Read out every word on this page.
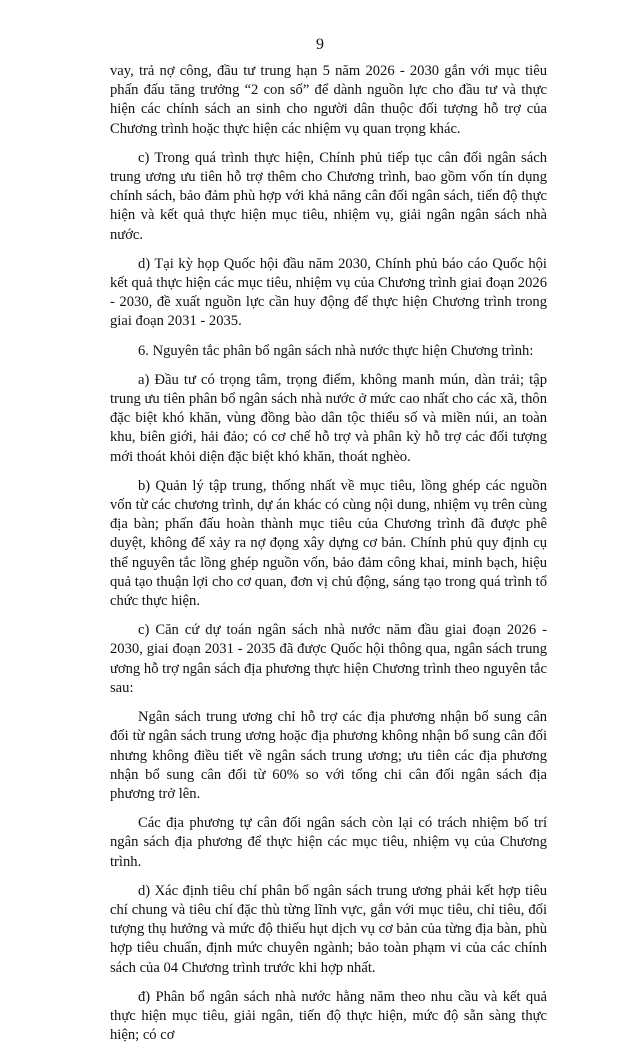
9

vay, trả nợ công, đầu tư trung hạn 5 năm 2026 - 2030 gắn với mục tiêu phấn đấu tăng trưởng “2 con số” để dành nguồn lực cho đầu tư và thực hiện các chính sách an sinh cho người dân thuộc đối tượng hỗ trợ của Chương trình hoặc thực hiện các nhiệm vụ quan trọng khác.

c) Trong quá trình thực hiện, Chính phủ tiếp tục cân đối ngân sách trung ương ưu tiên hỗ trợ thêm cho Chương trình, bao gồm vốn tín dụng chính sách, bảo đảm phù hợp với khả năng cân đối ngân sách, tiến độ thực hiện và kết quả thực hiện mục tiêu, nhiệm vụ, giải ngân ngân sách nhà nước.

d) Tại kỳ họp Quốc hội đầu năm 2030, Chính phủ báo cáo Quốc hội kết quả thực hiện các mục tiêu, nhiệm vụ của Chương trình giai đoạn 2026 - 2030, đề xuất nguồn lực cần huy động để thực hiện Chương trình trong giai đoạn 2031 - 2035.

6. Nguyên tắc phân bổ ngân sách nhà nước thực hiện Chương trình:

a) Đầu tư có trọng tâm, trọng điểm, không manh mún, dàn trải; tập trung ưu tiên phân bổ ngân sách nhà nước ở mức cao nhất cho các xã, thôn đặc biệt khó khăn, vùng đồng bào dân tộc thiểu số và miền núi, an toàn khu, biên giới, hải đảo; có cơ chế hỗ trợ và phân kỳ hỗ trợ các đối tượng mới thoát khỏi diện đặc biệt khó khăn, thoát nghèo.

b) Quản lý tập trung, thống nhất về mục tiêu, lồng ghép các nguồn vốn từ các chương trình, dự án khác có cùng nội dung, nhiệm vụ trên cùng địa bàn; phấn đấu hoàn thành mục tiêu của Chương trình đã được phê duyệt, không để xảy ra nợ đọng xây dựng cơ bản. Chính phủ quy định cụ thể nguyên tắc lồng ghép nguồn vốn, bảo đảm công khai, minh bạch, hiệu quả tạo thuận lợi cho cơ quan, đơn vị chủ động, sáng tạo trong quá trình tổ chức thực hiện.

c) Căn cứ dự toán ngân sách nhà nước năm đầu giai đoạn 2026 - 2030, giai đoạn 2031 - 2035 đã được Quốc hội thông qua, ngân sách trung ương hỗ trợ ngân sách địa phương thực hiện Chương trình theo nguyên tắc sau:

Ngân sách trung ương chỉ hỗ trợ các địa phương nhận bổ sung cân đối từ ngân sách trung ương hoặc địa phương không nhận bổ sung cân đối nhưng không điều tiết về ngân sách trung ương; ưu tiên các địa phương nhận bổ sung cân đối từ 60% so với tổng chi cân đối ngân sách địa phương trở lên.

Các địa phương tự cân đối ngân sách còn lại có trách nhiệm bố trí ngân sách địa phương để thực hiện các mục tiêu, nhiệm vụ của Chương trình.

d) Xác định tiêu chí phân bổ ngân sách trung ương phải kết hợp tiêu chí chung và tiêu chí đặc thù từng lĩnh vực, gắn với mục tiêu, chỉ tiêu, đối tượng thụ hưởng và mức độ thiếu hụt dịch vụ cơ bản của từng địa bàn, phù hợp tiêu chuẩn, định mức chuyên ngành; bảo toàn phạm vi của các chính sách của 04 Chương trình trước khi hợp nhất.

đ) Phân bổ ngân sách nhà nước hằng năm theo nhu cầu và kết quả thực hiện mục tiêu, giải ngân, tiến độ thực hiện, mức độ sẵn sàng thực hiện; có cơ
